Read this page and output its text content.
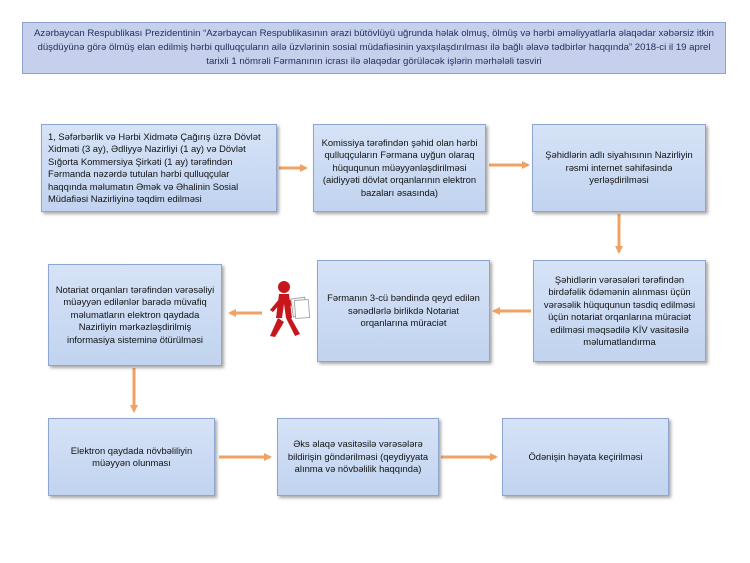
Azərbaycan Respublikası Prezidentinin “Azərbaycan Respublikasının ərazi bütövlüyü uğrunda həlak olmuş, ölmüş və hərbi əməliyyatlarla əlaqədar xəbərsiz itkin düşdüyünə görə ölmüş elan edilmiş hərbi qulluqçuların ailə üzvlərinin sosial müdafiəsinin yaxşılaşdırılması ilə bağlı əlavə tədbirlər haqqında” 2018-ci il 19 aprel tarixli 1 nömrəli Fərmanının icrası ilə əlaqədar görüləcək işlərin mərhələli təsviri
1, Səfərbərlik və Hərbi Xidmətə Çağırış üzrə Dövlət Xidməti (3 ay), Ədliyyə Nazirliyi (1 ay) və Dövlət Sığorta Kommersiya Şirkəti (1 ay) tərəfindən Fərmanda nəzərdə tutulan hərbi qulluqçular haqqında məlumatın Əmək və Əhalinin Sosial Müdafiəsi Nazirliyinə təqdim edilməsi
Komissiya tərəfindən şəhid olan hərbi qulluqçuların Fərmana uyğun olaraq hüququnun müəyyənləşdirilməsi (aidiyyəti dövlət orqanlarının elektron bazaları əsasında)
Şəhidlərin adlı siyahısının Nazirliyin rəsmi internet səhifəsində yerləşdirilməsi
Şəhidlərin vərəsələri tərəfindən birdəfəlik ödəmənin alınması üçün vərəsəlik hüququnun təsdiq edilməsi üçün notariat orqanlarına müraciət edilməsi məqsədilə KİV vasitəsilə məlumatlandırma
Fərmanın 3-cü bəndində qeyd edilən sənədlərlə birlikdə Notariat orqanlarına müraciət
Notariat orqanları tərəfindən vərəsəliyi müəyyən edilənlər barədə müvafiq məlumatların elektron qaydada Nazirliyin mərkəzləşdirilmiş informasiya sisteminə ötürülməsi
Elektron qaydada növbəliliyin müəyyən olunması
Əks əlaqə vasitəsilə vərəsələrə bildirişin göndərilməsi (qeydiyyata alınma və növbəlilik haqqında)
Ödənişin həyata keçirilməsi
